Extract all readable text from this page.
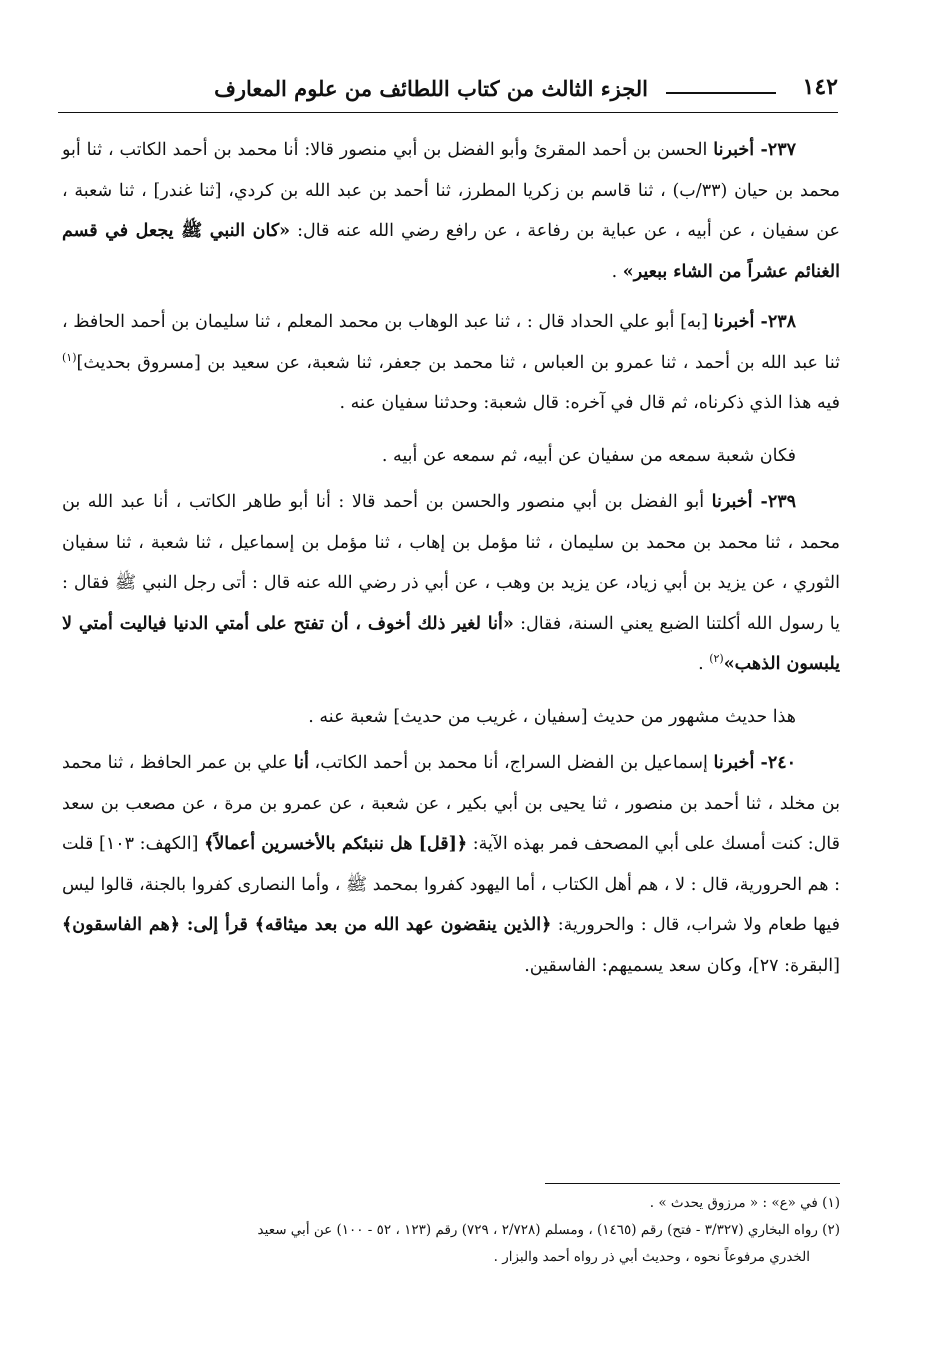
١٤٢
الجزء الثالث من كتاب اللطائف من علوم المعارف

٢٣٧- أخبرنا الحسن بن أحمد المقرئ وأبو الفضل بن أبي منصور قالا: أنا محمد بن أحمد الكاتب ، ثنا أبو محمد بن حيان (٣٣/ب) ، ثنا قاسم بن زكريا المطرز، ثنا أحمد بن عبد الله بن كردي، [ثنا غندر] ، ثنا شعبة ، عن سفيان ، عن أبيه ، عن عباية بن رفاعة ، عن رافع رضي الله عنه قال: «كان النبي ﷺ يجعل في قسم الغنائم عشراً من الشاء ببعير» .

٢٣٨- أخبرنا [به] أبو علي الحداد قال : ، ثنا عبد الوهاب بن محمد المعلم ، ثنا سليمان بن أحمد الحافظ ، ثنا عبد الله بن أحمد ، ثنا عمرو بن العباس ، ثنا محمد بن جعفر، ثنا شعبة، عن سعيد بن [مسروق بحديث]$^{(١)}$ فيه هذا الذي ذكرناه، ثم قال في آخره: قال شعبة: وحدثنا سفيان عنه .

فكان شعبة سمعه من سفيان عن أبيه، ثم سمعه عن أبيه .

٢٣٩- أخبرنا أبو الفضل بن أبي منصور والحسن بن أحمد قالا : أنا أبو طاهر الكاتب ، أنا عبد الله بن محمد ، ثنا محمد بن محمد بن سليمان ، ثنا مؤمل بن إهاب ، ثنا مؤمل بن إسماعيل ، ثنا شعبة ، ثنا سفيان الثوري ، عن يزيد بن أبي زياد، عن يزيد بن وهب ، عن أبي ذر رضي الله عنه قال : أتى رجل النبي ﷺ فقال : يا رسول الله أكلتنا الضبع يعني السنة، فقال: «أنا لغير ذلك أخوف ، أن تفتح على أمتي الدنيا فياليت أمتي لا يلبسون الذهب»$^{(٢)}$ .

هذا حديث مشهور من حديث [سفيان ، غريب من حديث] شعبة عنه .

٢٤٠- أخبرنا إسماعيل بن الفضل السراج، أنا محمد بن أحمد الكاتب، أنا علي بن عمر الحافظ ، ثنا محمد بن مخلد ، ثنا أحمد بن منصور ، ثنا يحيى بن أبي بكير ، عن شعبة ، عن عمرو بن مرة ، عن مصعب بن سعد قال: كنت أمسك على أبي المصحف فمر بهذه الآية: ﴿[قل] هل ننبئكم بالأخسرين أعمالاً﴾ [الكهف: ١٠٣] قلت : هم الحرورية، قال : لا ، هم أهل الكتاب ، أما اليهود كفروا بمحمد ﷺ ، وأما النصارى كفروا بالجنة، قالوا ليس فيها طعام ولا شراب، قال : والحرورية: ﴿الذين ينقضون عهد الله من بعد ميثاقه﴾ قرأ إلى: ﴿هم الفاسقون﴾ [البقرة: ٢٧]، وكان سعد يسميهم: الفاسقين.

(١) في «ع» : « مرزوق يحدث » .

(٢) رواه البخاري (٣/٣٢٧ - فتح) رقم (١٤٦٥) ، ومسلم (٢/٧٢٨ ، ٧٢٩) رقم (١٢٣ ، ٥٢ - ١٠٠) عن أبي سعيد

الخدري مرفوعاً نحوه ، وحديث أبي ذر رواه أحمد والبزار .
